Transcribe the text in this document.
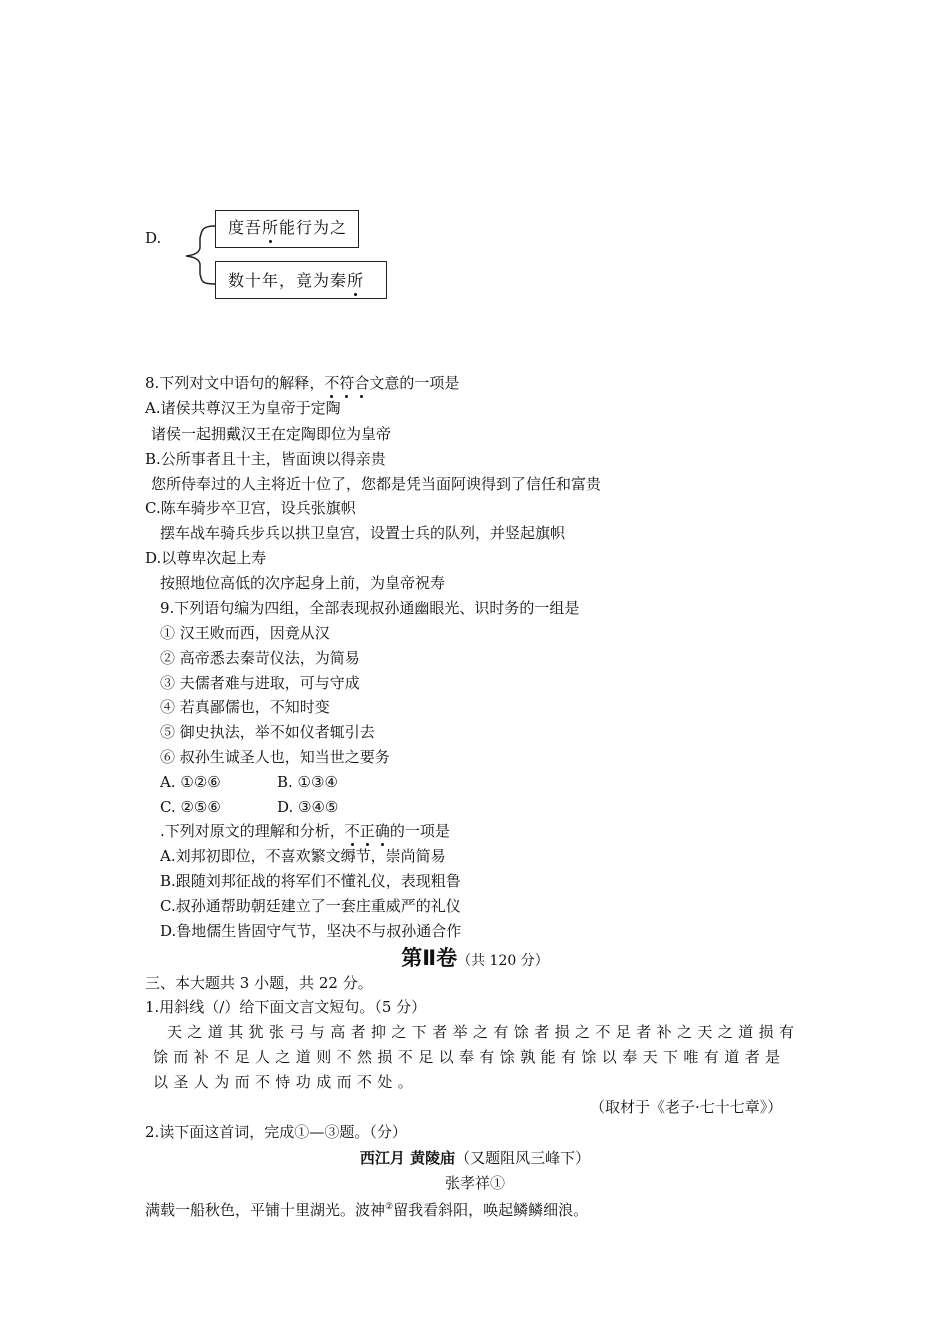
D.
度吾所能行为之
数十年，竟为秦所
8.下列对文中语句的解释，不符合文意的一项是
A.诸侯共尊汉王为皇帝于定陶
诸侯一起拥戴汉王在定陶即位为皇帝
B.公所事者且十主，皆面谀以得亲贵
您所侍奉过的人主将近十位了，您都是凭当面阿谀得到了信任和富贵
C.陈车骑步卒卫宫，设兵张旗帜
摆车战车骑兵步兵以拱卫皇宫，设置士兵的队列，并竖起旗帜
D.以尊卑次起上寿
按照地位高低的次序起身上前，为皇帝祝寿
9.下列语句编为四组，全部表现叔孙通幽眼光、识时务的一组是
① 汉王败而西，因竟从汉
② 高帝悉去秦苛仪法，为简易
③ 夫儒者难与进取，可与守成
④ 若真鄙儒也，不知时变
⑤ 御史执法，举不如仪者辄引去
⑥ 叔孙生诚圣人也，知当世之要务
A. ①②⑥	B. ①③④
C. ②⑤⑥	D. ③④⑤
.下列对原文的理解和分析，不正确的一项是
A.刘邦初即位，不喜欢繁文缛节，崇尚简易
B.跟随刘邦征战的将军们不懂礼仪，表现粗鲁
C.叔孙通帮助朝廷建立了一套庄重威严的礼仪
D.鲁地儒生皆固守气节，坚决不与叔孙通合作
第Ⅱ卷（共 120 分）
三、本大题共 3 小题，共 22 分。
1.用斜线（/）给下面文言文短句。（5 分）
天之道其犹张弓与高者抑之下者举之有馀者损之不足者补之天之道损有
馀而补不足人之道则不然损不足以奉有馀孰能有馀以奉天下唯有道者是
以圣人为而不恃功成而不处。
（取材于《老子·七十七章》）
2.读下面这首词，完成①—③题。（分）
西江月 黄陵庙（又题阻风三峰下）
张孝祥①
满载一船秋色，平铺十里湖光。波神②留我看斜阳，唤起鳞鳞细浪。
